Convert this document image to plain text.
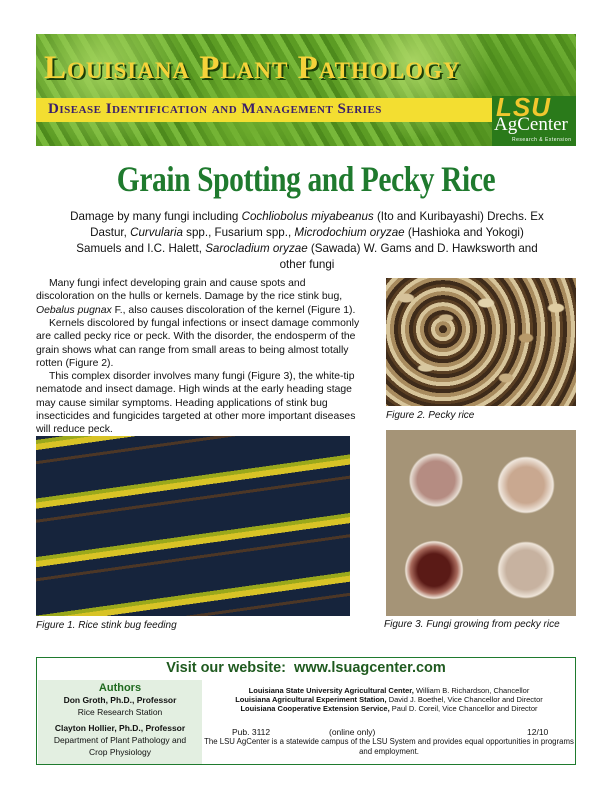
Louisiana Plant Pathology
Disease Identification and Management Series	LSU
AgCenter
Research & Extension
Grain Spotting and Pecky Rice
Damage by many fungi including Cochliobolus miyabeanus (Ito and Kuribayashi) Drechs. Ex Dastur, Curvularia spp., Fusarium spp., Microdochium oryzae (Hashioka and Yokogi) Samuels and I.C. Halett, Sarocladium oryzae (Sawada) W. Gams and D. Hawksworth and other fungi
Many fungi infect developing grain and cause spots and discoloration on the hulls or kernels. Damage by the rice stink bug, Oebalus pugnax F., also causes discoloration of the kernel (Figure 1).
Kernels discolored by fungal infections or insect damage commonly are called pecky rice or peck. With the disorder, the endosperm of the grain shows what can range from small areas to being almost totally rotten (Figure 2).
This complex disorder involves many fungi (Figure 3), the white-tip nematode and insect damage. High winds at the early heading stage may cause similar symptoms. Heading applications of stink bug insecticides and fungicides targeted at other more important diseases will reduce peck.
Figure 2. Pecky rice
Figure 1. Rice stink bug feeding	Figure 3. Fungi growing from pecky rice
Visit our website: www.lsuagcenter.com
Authors
Don Groth, Ph.D., Professor
Rice Research Station
Clayton Hollier, Ph.D., Professor
Department of Plant Pathology and
Crop Physiology
Louisiana State University Agricultural Center, William B. Richardson, Chancellor
Louisiana Agricultural Experiment Station, David J. Boethel, Vice Chancellor and Director
Louisiana Cooperative Extension Service, Paul D. Coreil, Vice Chancellor and Director
Pub. 3112	(online only)	12/10
The LSU AgCenter is a statewide campus of the LSU System and provides equal opportunities in programs and employment.
